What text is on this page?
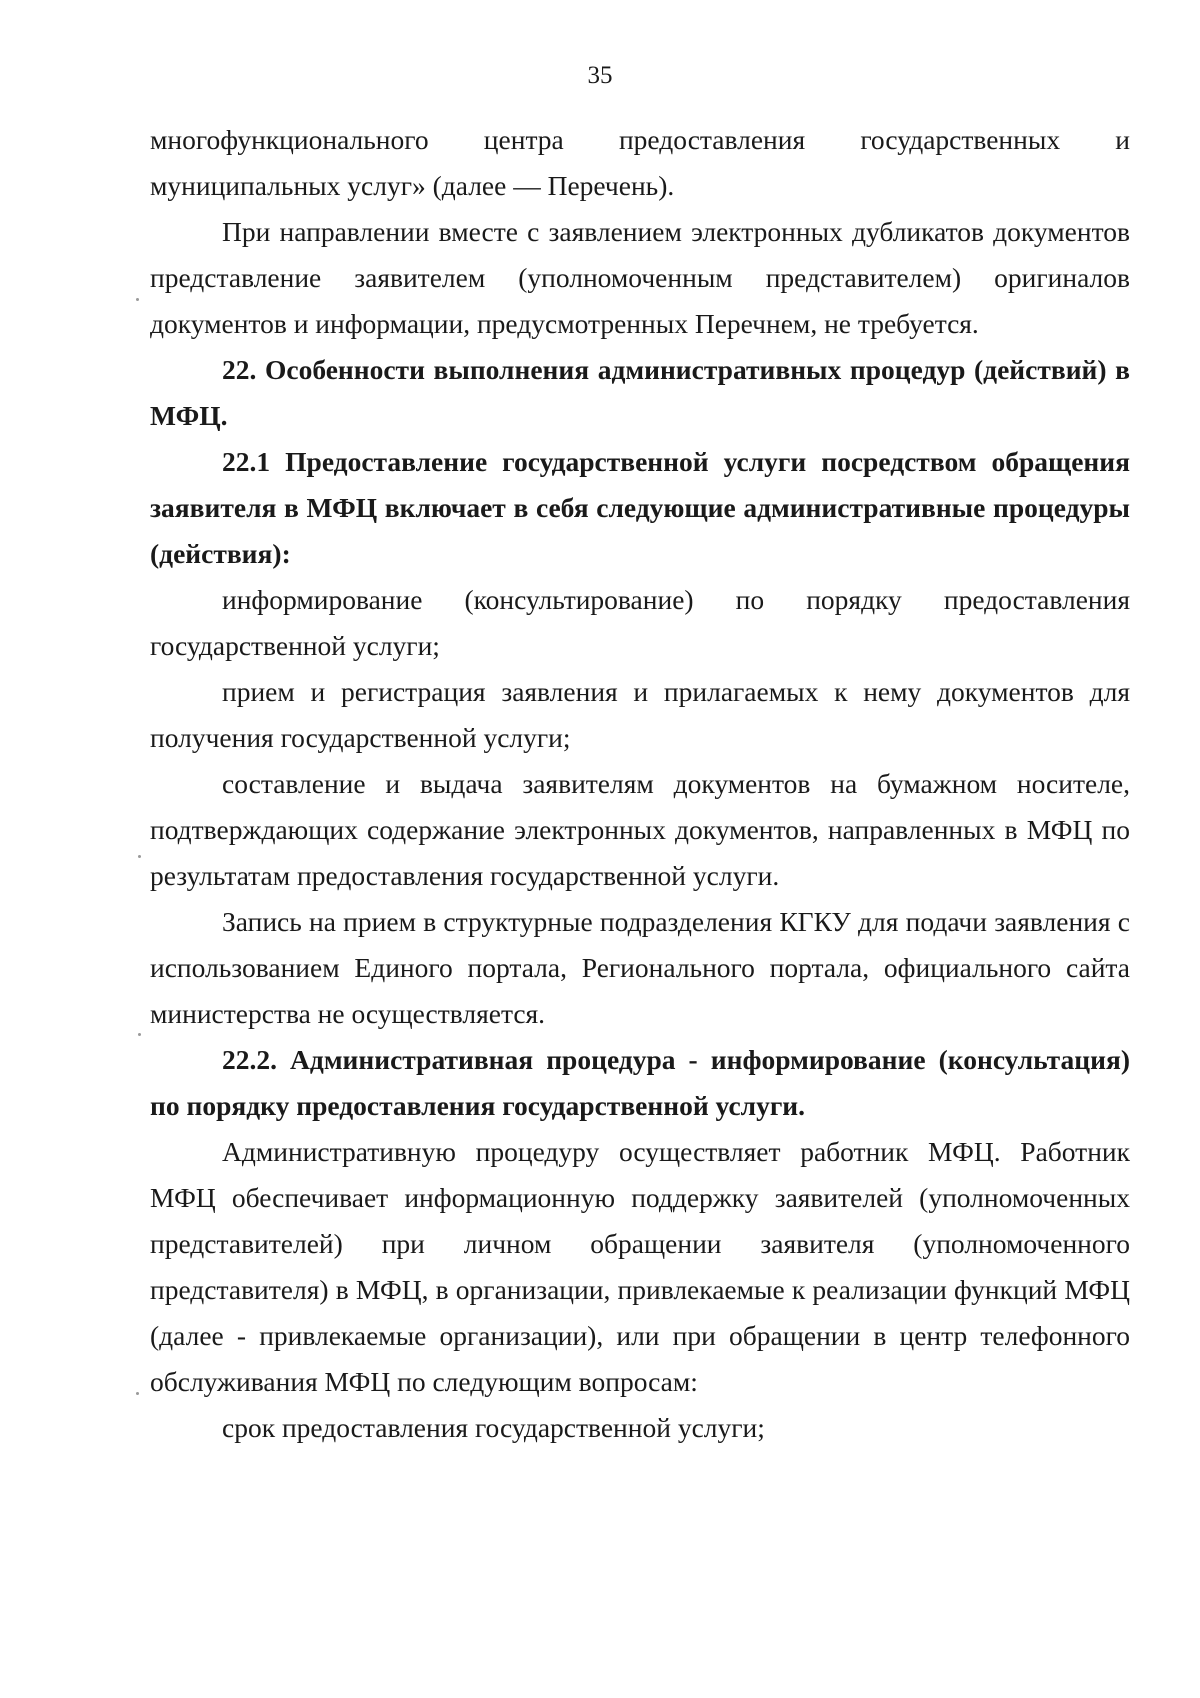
35

многофункционального центра предоставления государственных и муниципальных услуг» (далее — Перечень).

При направлении вместе с заявлением электронных дубликатов документов представление заявителем (уполномоченным представителем) оригиналов документов и информации, предусмотренных Перечнем, не требуется.

22. Особенности выполнения административных процедур (действий) в МФЦ.

22.1 Предоставление государственной услуги посредством обращения заявителя в МФЦ включает в себя следующие административные процедуры (действия):

информирование (консультирование) по порядку предоставления государственной услуги;

прием и регистрация заявления и прилагаемых к нему документов для получения государственной услуги;

составление и выдача заявителям документов на бумажном носителе, подтверждающих содержание электронных документов, направленных в МФЦ по результатам предоставления государственной услуги.

Запись на прием в структурные подразделения КГКУ для подачи заявления с использованием Единого портала, Регионального портала, официального сайта министерства не осуществляется.

22.2. Административная процедура - информирование (консультация) по порядку предоставления государственной услуги.

Административную процедуру осуществляет работник МФЦ. Работник МФЦ обеспечивает информационную поддержку заявителей (уполномоченных представителей) при личном обращении заявителя (уполномоченного представителя) в МФЦ, в организации, привлекаемые к реализации функций МФЦ (далее - привлекаемые организации), или при обращении в центр телефонного обслуживания МФЦ по следующим вопросам:

срок предоставления государственной услуги;
